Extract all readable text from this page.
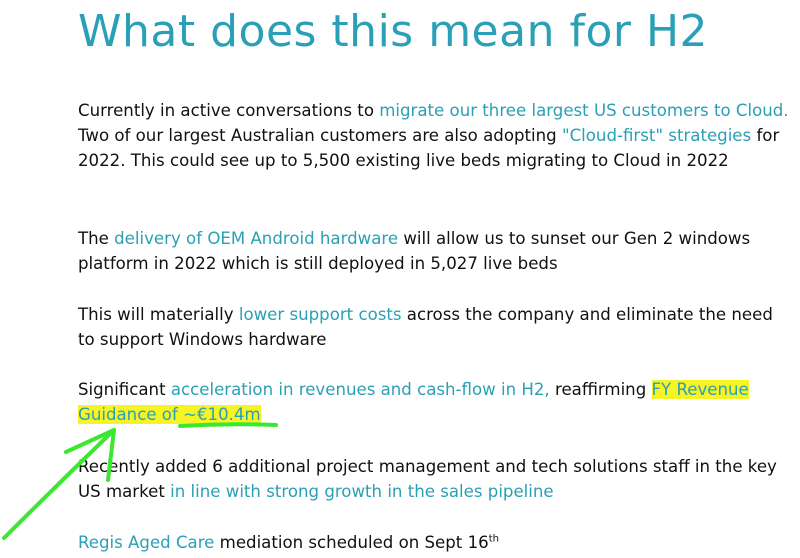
What does this mean for H2

Currently in active conversations to migrate our three largest US customers to Cloud. Two of our largest Australian customers are also adopting "Cloud-first" strategies for 2022. This could see up to 5,500 existing live beds migrating to Cloud in 2022

The delivery of OEM Android hardware will allow us to sunset our Gen 2 windows platform in 2022 which is still deployed in 5,027 live beds

This will materially lower support costs across the company and eliminate the need to support Windows hardware

Significant acceleration in revenues and cash-flow in H2, reaffirming FY Revenue Guidance of ~€10.4m

Recently added 6 additional project management and tech solutions staff in the key US market in line with strong growth in the sales pipeline

Regis Aged Care mediation scheduled on Sept 16th
